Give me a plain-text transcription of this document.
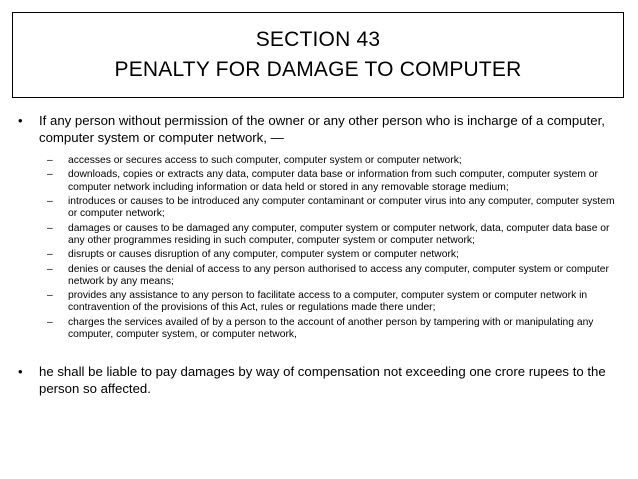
SECTION 43
PENALTY FOR DAMAGE TO COMPUTER
• If any person without permission of the owner or any other person who is incharge of a computer, computer system or computer network, —
– accesses or secures access to such computer, computer system or computer network;
– downloads, copies or extracts any data, computer data base or information from such computer, computer system or computer network including information or data held or stored in any removable storage medium;
– introduces or causes to be introduced any computer contaminant or computer virus into any computer, computer system or computer network;
– damages or causes to be damaged any computer, computer system or computer network, data, computer data base or any other programmes residing in such computer, computer system or computer network;
– disrupts or causes disruption of any computer, computer system or computer network;
– denies or causes the denial of access to any person authorised to access any computer, computer system or computer network by any means;
– provides any assistance to any person to facilitate access to a computer, computer system or computer network in contravention of the provisions of this Act, rules or regulations made there under;
– charges the services availed of by a person to the account of another person by tampering with or manipulating any computer, computer system, or computer network,
• he shall be liable to pay damages by way of compensation not exceeding one crore rupees to the person so affected.
